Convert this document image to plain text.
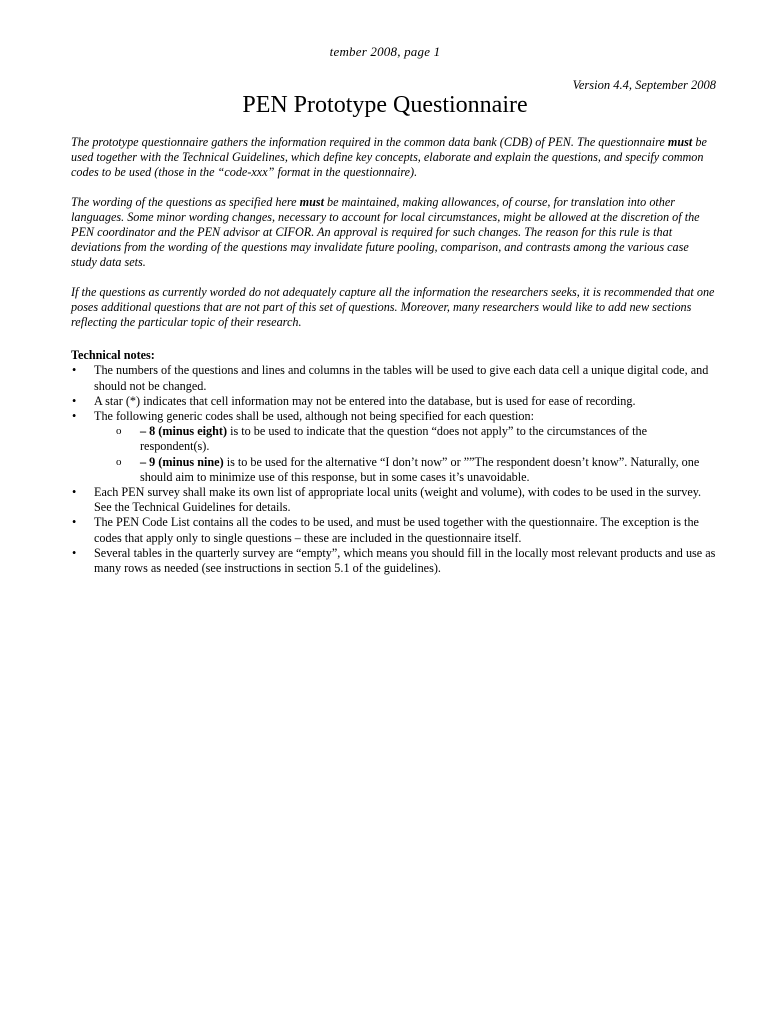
tember 2008, page 1
Version 4.4, September 2008
PEN Prototype Questionnaire

The prototype questionnaire gathers the information required in the common data bank (CDB) of PEN. The questionnaire must be used together with the Technical Guidelines, which define key concepts, elaborate and explain the questions, and specify common codes to be used (those in the “code-xxx” format in the questionnaire).

The wording of the questions as specified here must be maintained, making allowances, of course, for translation into other languages. Some minor wording changes, necessary to account for local circumstances, might be allowed at the discretion of the PEN coordinator and the PEN advisor at CIFOR. An approval is required for such changes. The reason for this rule is that deviations from the wording of the questions may invalidate future pooling, comparison, and contrasts among the various case study data sets.

If the questions as currently worded do not adequately capture all the information the researchers seeks, it is recommended that one poses additional questions that are not part of this set of questions. Moreover, many researchers would like to add new sections reflecting the particular topic of their research.

Technical notes:
• The numbers of the questions and lines and columns in the tables will be used to give each data cell a unique digital code, and should not be changed.
• A star (*) indicates that cell information may not be entered into the database, but is used for ease of recording.
• The following generic codes shall be used, although not being specified for each question:
o – 8 (minus eight) is to be used to indicate that the question “does not apply” to the circumstances of the respondent(s).
o – 9 (minus nine) is to be used for the alternative “I don’t now” or ””The respondent doesn’t know”. Naturally, one should aim to minimize use of this response, but in some cases it’s unavoidable.
• Each PEN survey shall make its own list of appropriate local units (weight and volume), with codes to be used in the survey. See the Technical Guidelines for details.
• The PEN Code List contains all the codes to be used, and must be used together with the questionnaire. The exception is the codes that apply only to single questions – these are included in the questionnaire itself.
• Several tables in the quarterly survey are “empty”, which means you should fill in the locally most relevant products and use as many rows as needed (see instructions in section 5.1 of the guidelines).
